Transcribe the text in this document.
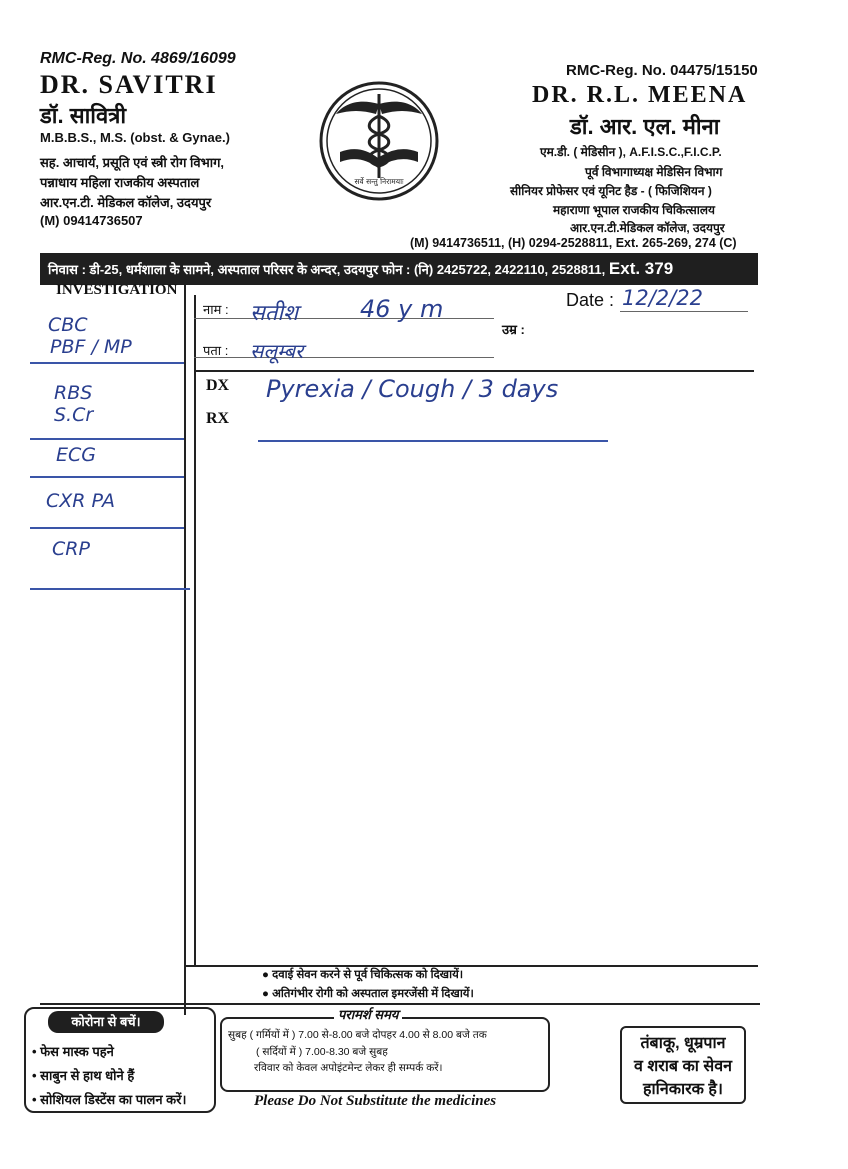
RMC-Reg. No. 4869/16099
DR. SAVITRI
डॉ. सावित्री
M.B.B.S., M.S. (obst. & Gynae.)
सह. आचार्य, प्रसूति एवं स्त्री रोग विभाग,
पन्नाधाय महिला राजकीय अस्पताल
आर.एन.टी. मेडिकल कॉलेज, उदयपुर
(M) 09414736507
सर्वे सन्तु निरामयाः
RMC-Reg. No. 04475/15150
DR. R.L. MEENA
डॉ. आर. एल. मीना
एम.डी. ( मेडिसीन ), A.F.I.S.C.,F.I.C.P.
पूर्व विभागाध्यक्ष मेडिसिन विभाग
सीनियर प्रोफेसर एवं यूनिट हैड - ( फिजिशियन )
महाराणा भूपाल राजकीय चिकित्सालय
आर.एन.टी.मेडिकल कॉलेज, उदयपुर
(M) 9414736511, (H) 0294-2528811, Ext. 265-269, 274 (C)
निवास : डी-25, धर्मशाला के सामने, अस्पताल परिसर के अन्दर, उदयपुर फोन : (नि) 2425722, 2422110, 2528811, Ext. 379
INVESTIGATION
नाम :
पता :
उम्र :
Date :
DX
RX
सतीश	46 y m
सलूम्बर
12/2/22
Pyrexia / Cough / 3 days
CBC
PBF / MP
RBS
S.Cr
ECG
CXR PA
CRP
● दवाई सेवन करने से पूर्व चिकित्सक को दिखायें।
● अतिगंभीर रोगी को अस्पताल इमरजेंसी में दिखायें।
कोरोना से बचें।
• फेस मास्क पहने
• साबुन से हाथ धोने हैं
• सोशियल डिस्टेंस का पालन करें।
परामर्श समय
सुबह ( गर्मियों में ) 7.00 से-8.00 बजे दोपहर 4.00 से 8.00 बजे तक
( सर्दियों में ) 7.00-8.30 बजे सुबह
रविवार को केवल अपोइंटमेन्ट लेकर ही सम्पर्क करें।
Please Do Not Substitute the medicines
तंबाकू, धूम्रपान
व शराब का सेवन
हानिकारक है।
